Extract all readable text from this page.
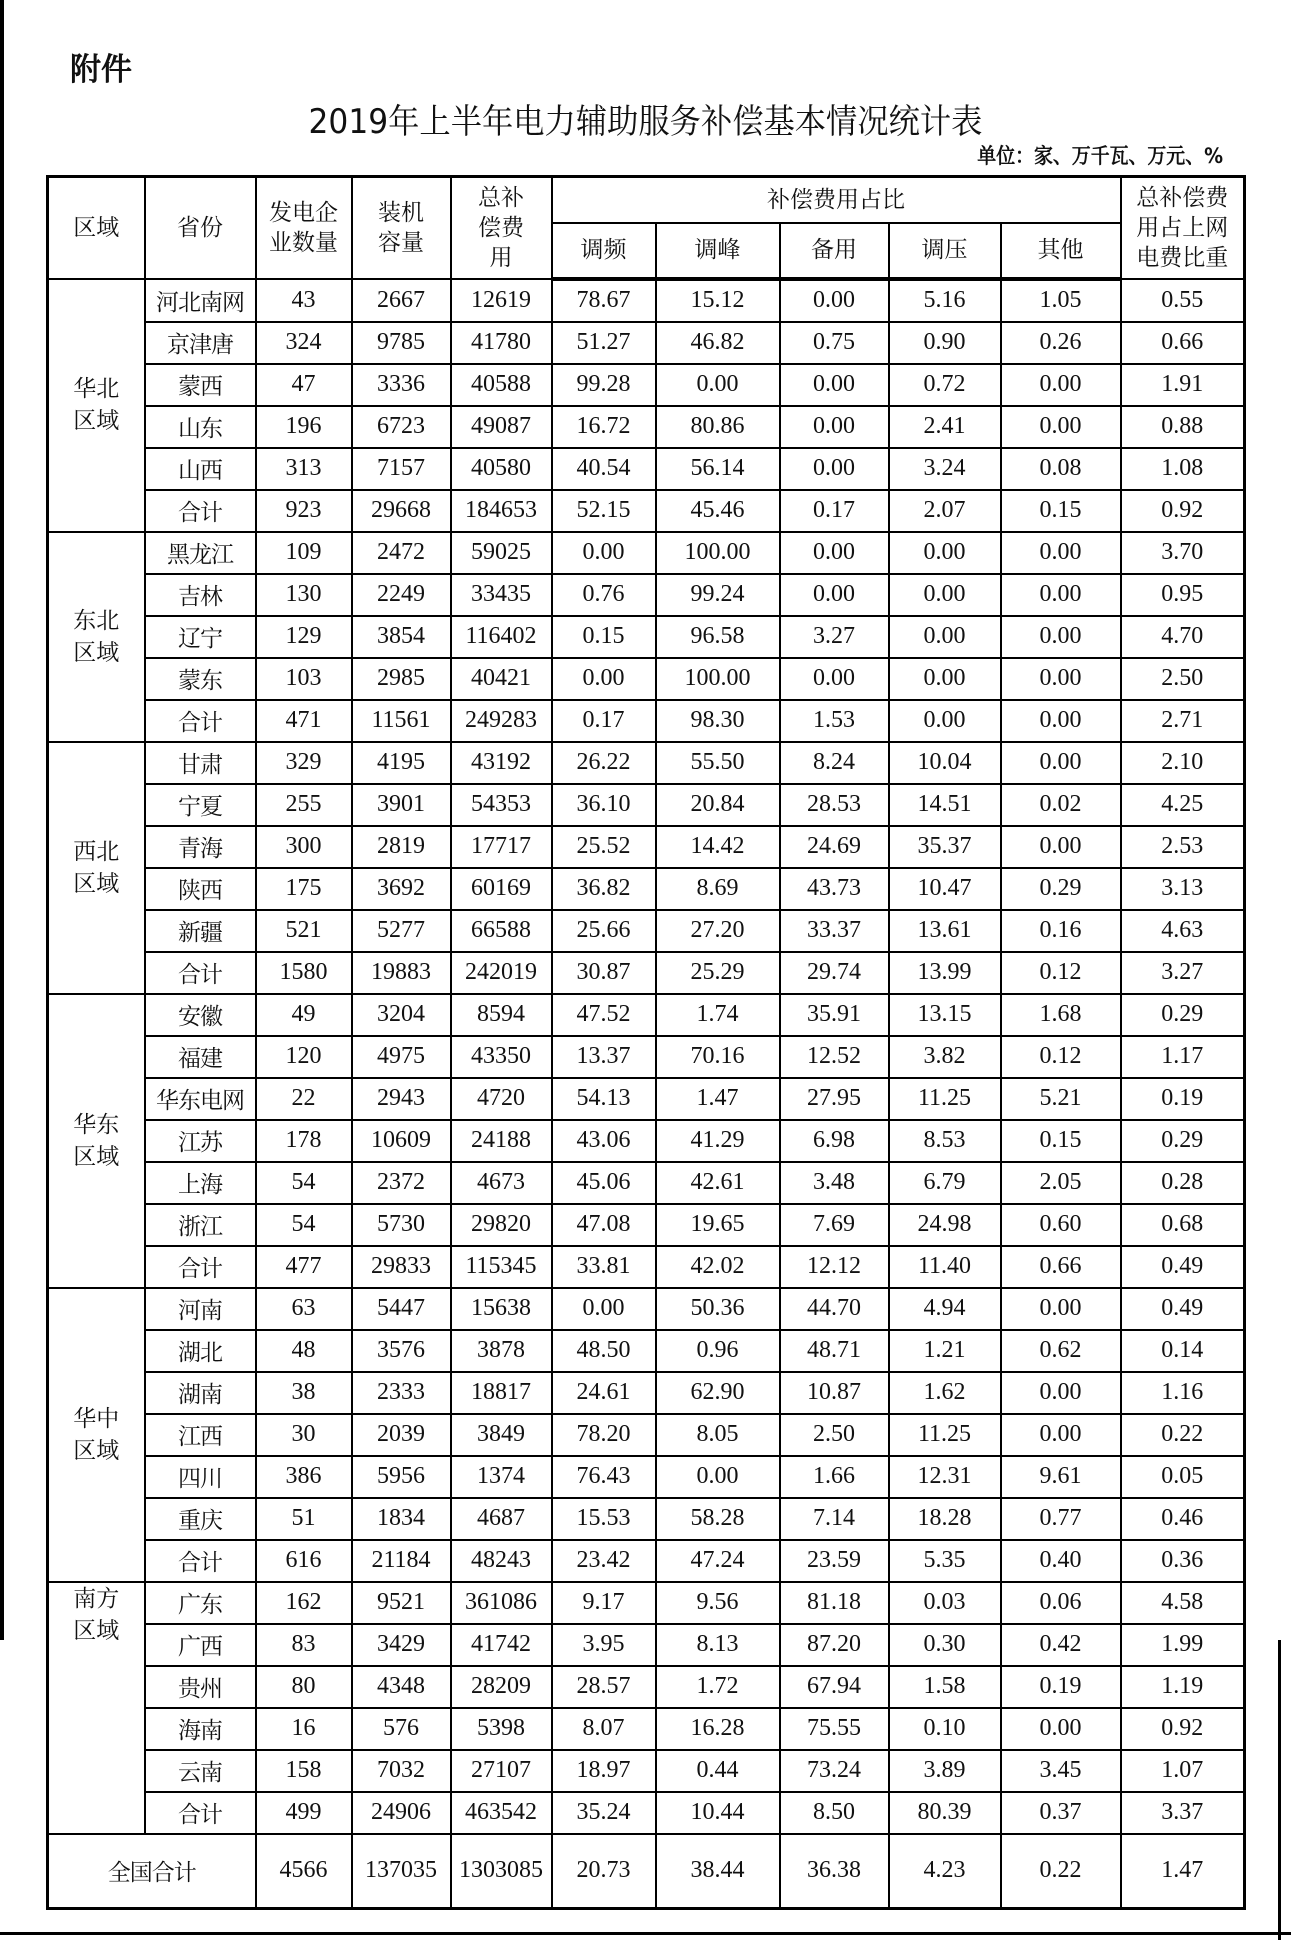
附件
2019年上半年电力辅助服务补偿基本情况统计表
单位：家、万千瓦、万元、%
区域	省份	发电企业数量	装机容量	总补偿费用	补偿费用占比					总补偿费用占上网电费比重
					调频	调峰	备用	调压	其他	
华北区域	河北南网	43	2667	12619	78.67	15.12	0.00	5.16	1.05	0.55
	京津唐	324	9785	41780	51.27	46.82	0.75	0.90	0.26	0.66
	蒙西	47	3336	40588	99.28	0.00	0.00	0.72	0.00	1.91
	山东	196	6723	49087	16.72	80.86	0.00	2.41	0.00	0.88
	山西	313	7157	40580	40.54	56.14	0.00	3.24	0.08	1.08
	合计	923	29668	184653	52.15	45.46	0.17	2.07	0.15	0.92
东北区域	黑龙江	109	2472	59025	0.00	100.00	0.00	0.00	0.00	3.70
	吉林	130	2249	33435	0.76	99.24	0.00	0.00	0.00	0.95
	辽宁	129	3854	116402	0.15	96.58	3.27	0.00	0.00	4.70
	蒙东	103	2985	40421	0.00	100.00	0.00	0.00	0.00	2.50
	合计	471	11561	249283	0.17	98.30	1.53	0.00	0.00	2.71
西北区域	甘肃	329	4195	43192	26.22	55.50	8.24	10.04	0.00	2.10
	宁夏	255	3901	54353	36.10	20.84	28.53	14.51	0.02	4.25
	青海	300	2819	17717	25.52	14.42	24.69	35.37	0.00	2.53
	陕西	175	3692	60169	36.82	8.69	43.73	10.47	0.29	3.13
	新疆	521	5277	66588	25.66	27.20	33.37	13.61	0.16	4.63
	合计	1580	19883	242019	30.87	25.29	29.74	13.99	0.12	3.27
华东区域	安徽	49	3204	8594	47.52	1.74	35.91	13.15	1.68	0.29
	福建	120	4975	43350	13.37	70.16	12.52	3.82	0.12	1.17
	华东电网	22	2943	4720	54.13	1.47	27.95	11.25	5.21	0.19
	江苏	178	10609	24188	43.06	41.29	6.98	8.53	0.15	0.29
	上海	54	2372	4673	45.06	42.61	3.48	6.79	2.05	0.28
	浙江	54	5730	29820	47.08	19.65	7.69	24.98	0.60	0.68
	合计	477	29833	115345	33.81	42.02	12.12	11.40	0.66	0.49
华中区域	河南	63	5447	15638	0.00	50.36	44.70	4.94	0.00	0.49
	湖北	48	3576	3878	48.50	0.96	48.71	1.21	0.62	0.14
	湖南	38	2333	18817	24.61	62.90	10.87	1.62	0.00	1.16
	江西	30	2039	3849	78.20	8.05	2.50	11.25	0.00	0.22
	四川	386	5956	1374	76.43	0.00	1.66	12.31	9.61	0.05
	重庆	51	1834	4687	15.53	58.28	7.14	18.28	0.77	0.46
	合计	616	21184	48243	23.42	47.24	23.59	5.35	0.40	0.36
南方区域	广东	162	9521	361086	9.17	9.56	81.18	0.03	0.06	4.58
	广西	83	3429	41742	3.95	8.13	87.20	0.30	0.42	1.99
	贵州	80	4348	28209	28.57	1.72	67.94	1.58	0.19	1.19
	海南	16	576	5398	8.07	16.28	75.55	0.10	0.00	0.92
	云南	158	7032	27107	18.97	0.44	73.24	3.89	3.45	1.07
	合计	499	24906	463542	35.24	10.44	8.50	80.39	0.37	3.37
全国合计		4566	137035	1303085	20.73	38.44	36.38	4.23	0.22	1.47
